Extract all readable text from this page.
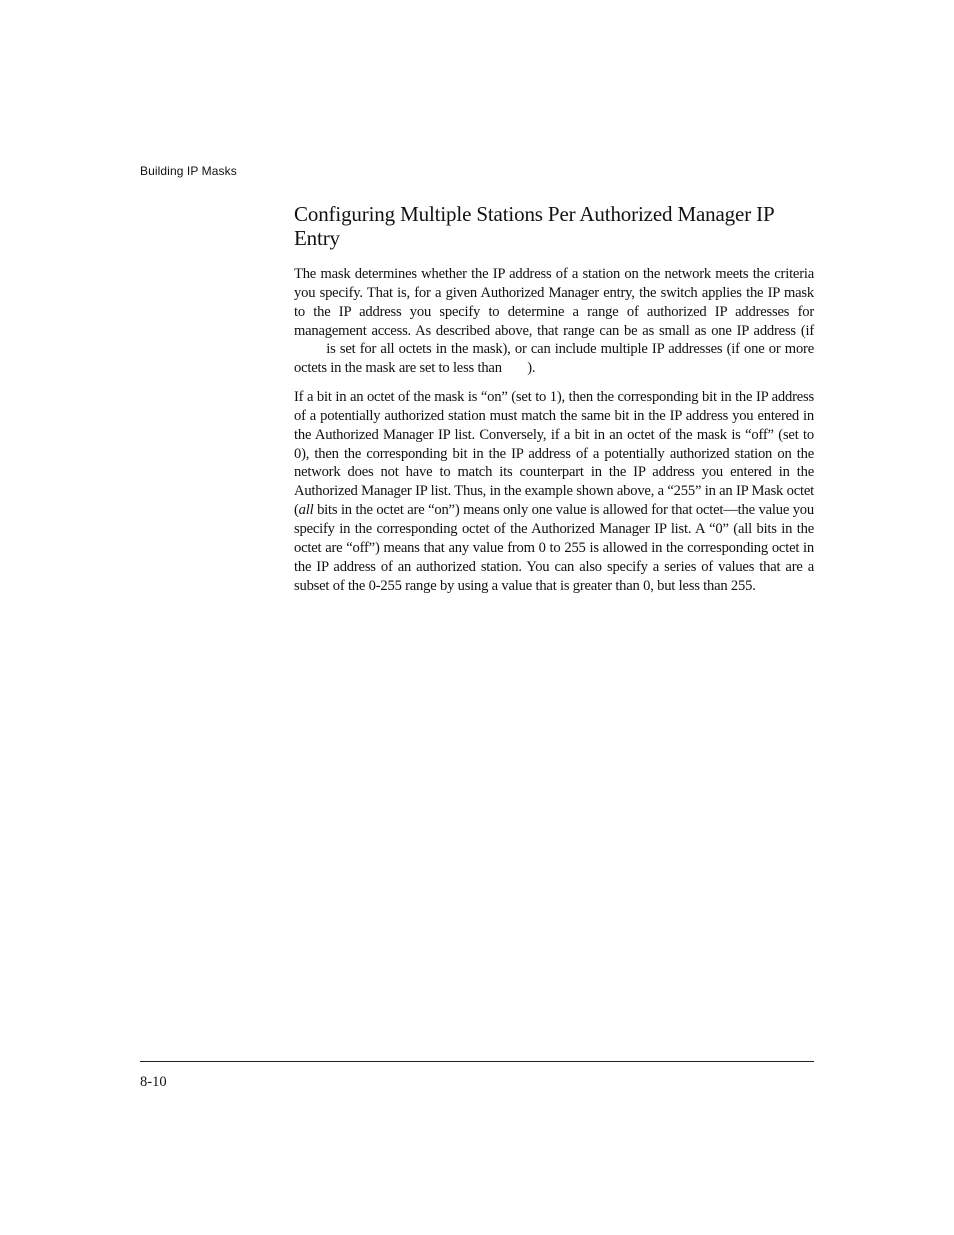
Building IP Masks
Configuring Multiple Stations Per Authorized Manager IP Entry

The mask determines whether the IP address of a station on the network meets the criteria you specify. That is, for a given Authorized Manager entry, the switch applies the IP mask to the IP address you specify to determine a range of authorized IP addresses for management access. As described above, that range can be as small as one IP address (if  is set for all octets in the mask), or can include multiple IP addresses (if one or more octets in the mask are set to less than ).

If a bit in an octet of the mask is “on” (set to 1), then the corresponding bit in the IP address of a potentially authorized station must match the same bit in the IP address you entered in the Authorized Manager IP list. Conversely, if a bit in an octet of the mask is “off” (set to 0), then the corresponding bit in the IP address of a potentially authorized station on the network does not have to match its counterpart in the IP address you entered in the Authorized Manager IP list. Thus, in the example shown above, a “255” in an IP Mask octet (all bits in the octet are “on”) means only one value is allowed for that octet—the value you specify in the corresponding octet of the Authorized Manager IP list. A “0” (all bits in the octet are “off”) means that any value from 0 to 255 is allowed in the corresponding octet in the IP address of an authorized station. You can also specify a series of values that are a subset of the 0-255 range by using a value that is greater than 0, but less than 255.

8-10
